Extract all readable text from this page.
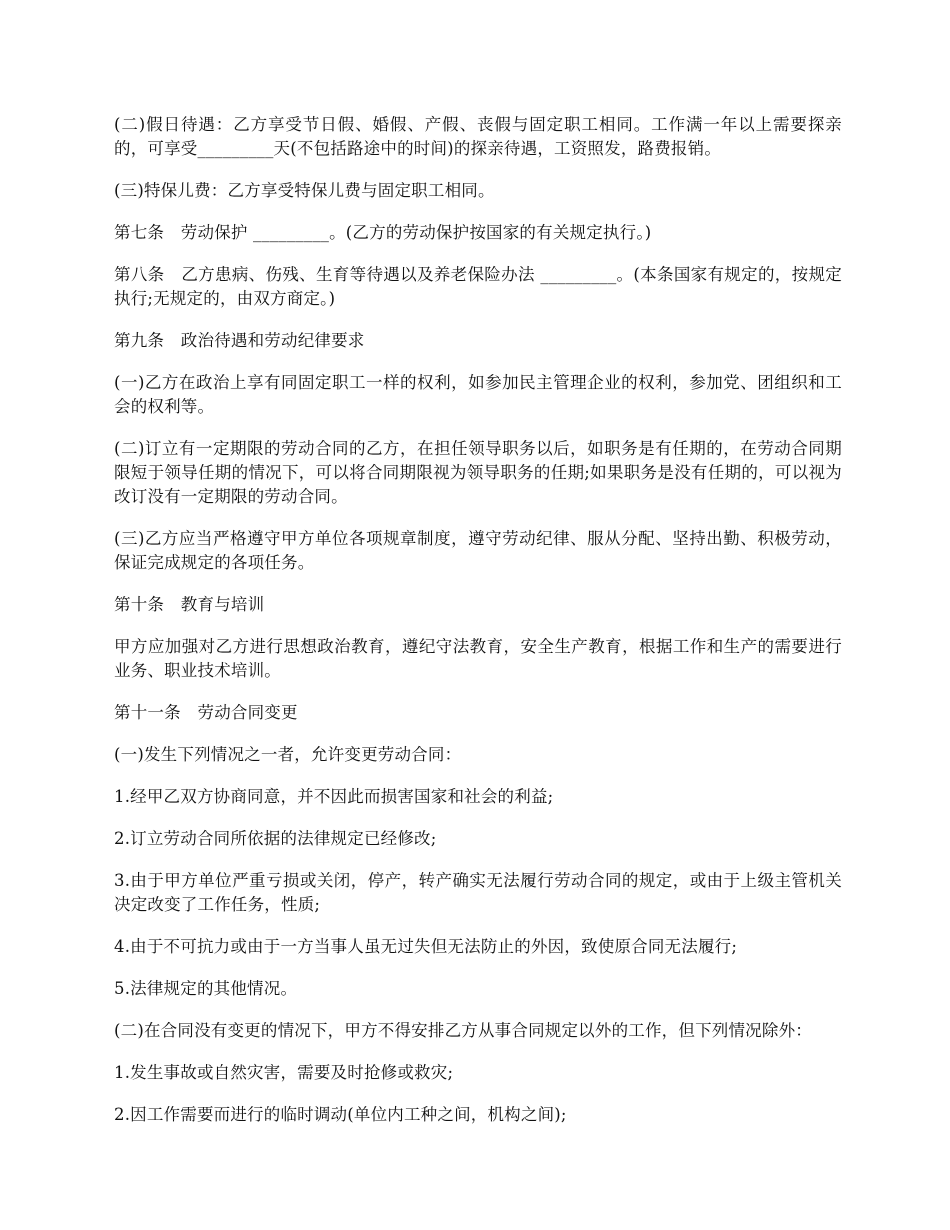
(二)假日待遇：乙方享受节日假、婚假、产假、丧假与固定职工相同。工作满一年以上需要探亲的，可享受_________天(不包括路途中的时间)的探亲待遇，工资照发，路费报销。

(三)特保儿费：乙方享受特保儿费与固定职工相同。

第七条　劳动保护 _________。(乙方的劳动保护按国家的有关规定执行。)

第八条　乙方患病、伤残、生育等待遇以及养老保险办法 _________。(本条国家有规定的，按规定执行;无规定的，由双方商定。)

第九条　政治待遇和劳动纪律要求

(一)乙方在政治上享有同固定职工一样的权利，如参加民主管理企业的权利，参加党、团组织和工会的权利等。

(二)订立有一定期限的劳动合同的乙方，在担任领导职务以后，如职务是有任期的，在劳动合同期限短于领导任期的情况下，可以将合同期限视为领导职务的任期;如果职务是没有任期的，可以视为改订没有一定期限的劳动合同。

(三)乙方应当严格遵守甲方单位各项规章制度，遵守劳动纪律、服从分配、坚持出勤、积极劳动，保证完成规定的各项任务。

第十条　教育与培训

甲方应加强对乙方进行思想政治教育，遵纪守法教育，安全生产教育，根据工作和生产的需要进行业务、职业技术培训。

第十一条　劳动合同变更

(一)发生下列情况之一者，允许变更劳动合同：

1.经甲乙双方协商同意，并不因此而损害国家和社会的利益;

2.订立劳动合同所依据的法律规定已经修改;

3.由于甲方单位严重亏损或关闭，停产，转产确实无法履行劳动合同的规定，或由于上级主管机关决定改变了工作任务，性质;

4.由于不可抗力或由于一方当事人虽无过失但无法防止的外因，致使原合同无法履行;

5.法律规定的其他情况。

(二)在合同没有变更的情况下，甲方不得安排乙方从事合同规定以外的工作，但下列情况除外：

1.发生事故或自然灾害，需要及时抢修或救灾;

2.因工作需要而进行的临时调动(单位内工种之间，机构之间);
